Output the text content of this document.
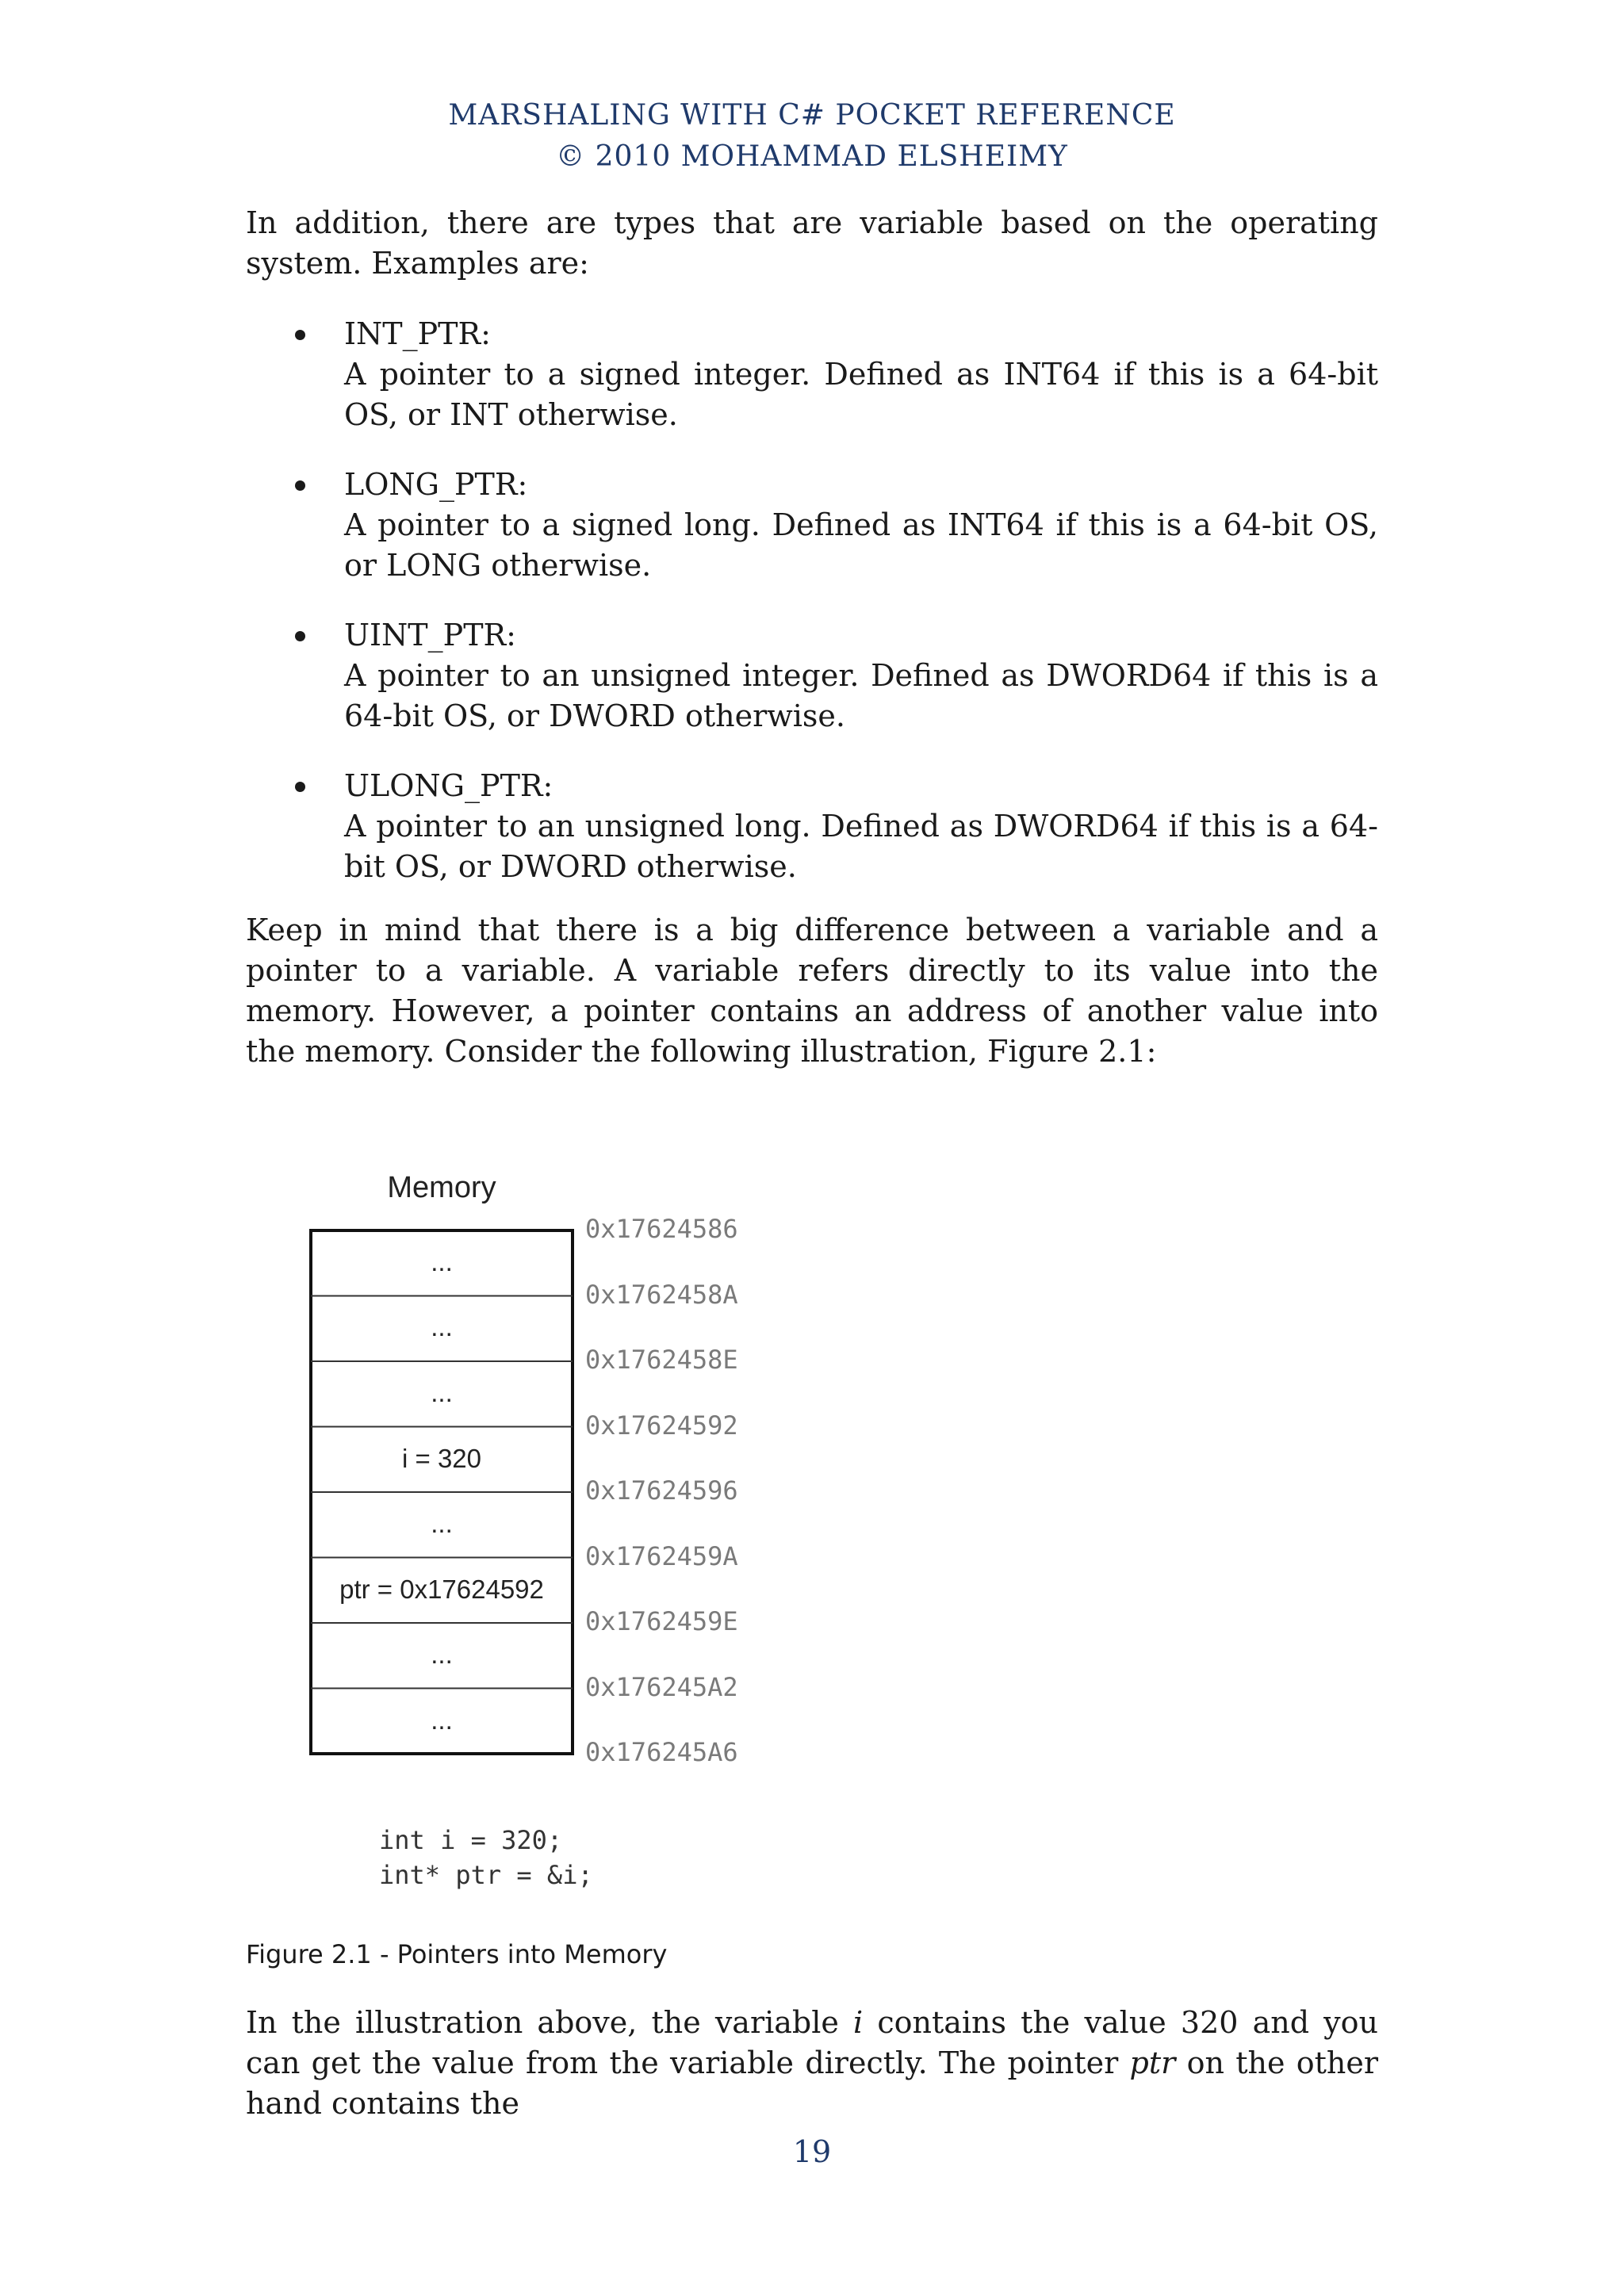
MARSHALING WITH C# POCKET REFERENCE
© 2010 MOHAMMAD ELSHEIMY
In addition, there are types that are variable based on the operating system. Examples are:
INT_PTR:
A pointer to a signed integer. Defined as INT64 if this is a 64-bit OS, or INT otherwise.
LONG_PTR:
A pointer to a signed long. Defined as INT64 if this is a 64-bit OS, or LONG otherwise.
UINT_PTR:
A pointer to an unsigned integer. Defined as DWORD64 if this is a 64-bit OS, or DWORD otherwise.
ULONG_PTR:
A pointer to an unsigned long. Defined as DWORD64 if this is a 64-bit OS, or DWORD otherwise.
Keep in mind that there is a big difference between a variable and a pointer to a variable. A variable refers directly to its value into the memory. However, a pointer contains an address of another value into the memory. Consider the following illustration, Figure 2.1:
Memory
...
...
...
i = 320
...
ptr = 0x17624592
...
...
0x17624586
0x1762458A
0x1762458E
0x17624592
0x17624596
0x1762459A
0x1762459E
0x176245A2
0x176245A6
int i = 320;
int* ptr = &i;
Figure 2.1 - Pointers into Memory
In the illustration above, the variable i contains the value 320 and you can get the value from the variable directly. The pointer ptr on the other hand contains the
19
